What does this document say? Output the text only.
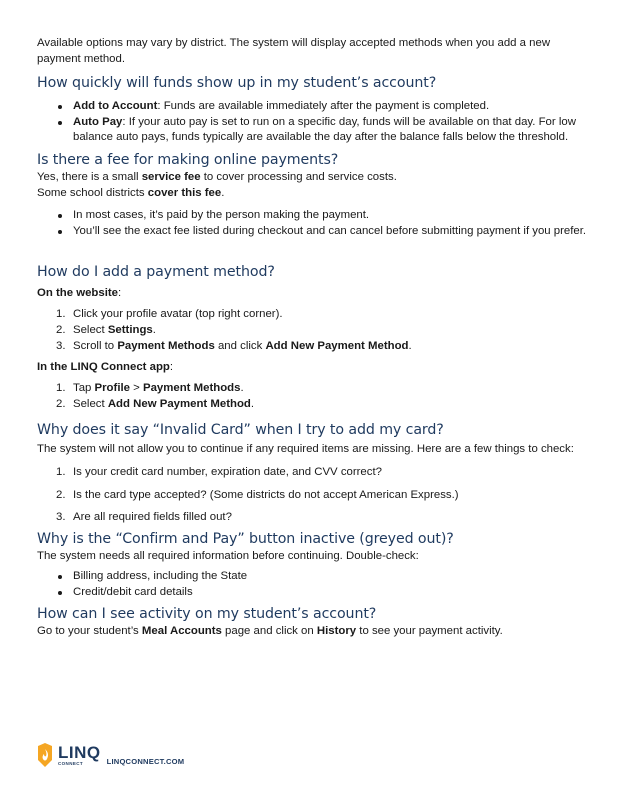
Available options may vary by district. The system will display accepted methods when you add a new payment method.

How quickly will funds show up in my student’s account?
Add to Account: Funds are available immediately after the payment is completed.
Auto Pay: If your auto pay is set to run on a specific day, funds will be available on that day. For low balance auto pays, funds typically are available the day after the balance falls below the threshold.
Is there a fee for making online payments?

Yes, there is a small service fee to cover processing and service costs.
Some school districts cover this fee.

In most cases, it’s paid by the person making the payment.
You’ll see the exact fee listed during checkout and can cancel before submitting payment if you prefer.
How do I add a payment method?
On the website:
1. Click your profile avatar (top right corner).
2. Select Settings.
3. Scroll to Payment Methods and click Add New Payment Method.
In the LINQ Connect app:
1. Tap Profile > Payment Methods.
2. Select Add New Payment Method.
Why does it say “Invalid Card” when I try to add my card?

The system will not allow you to continue if any required items are missing. Here are a few things to check:

1. Is your credit card number, expiration date, and CVV correct?
2. Is the card type accepted? (Some districts do not accept American Express.)
3. Are all required fields filled out?
Why is the “Confirm and Pay” button inactive (greyed out)?

The system needs all required information before continuing. Double-check:

Billing address, including the State
Credit/debit card details
How can I see activity on my student’s account?

Go to your student’s Meal Accounts page and click on History to see your payment activity.

LINQ
CONNECT	LINQCONNECT.COM
